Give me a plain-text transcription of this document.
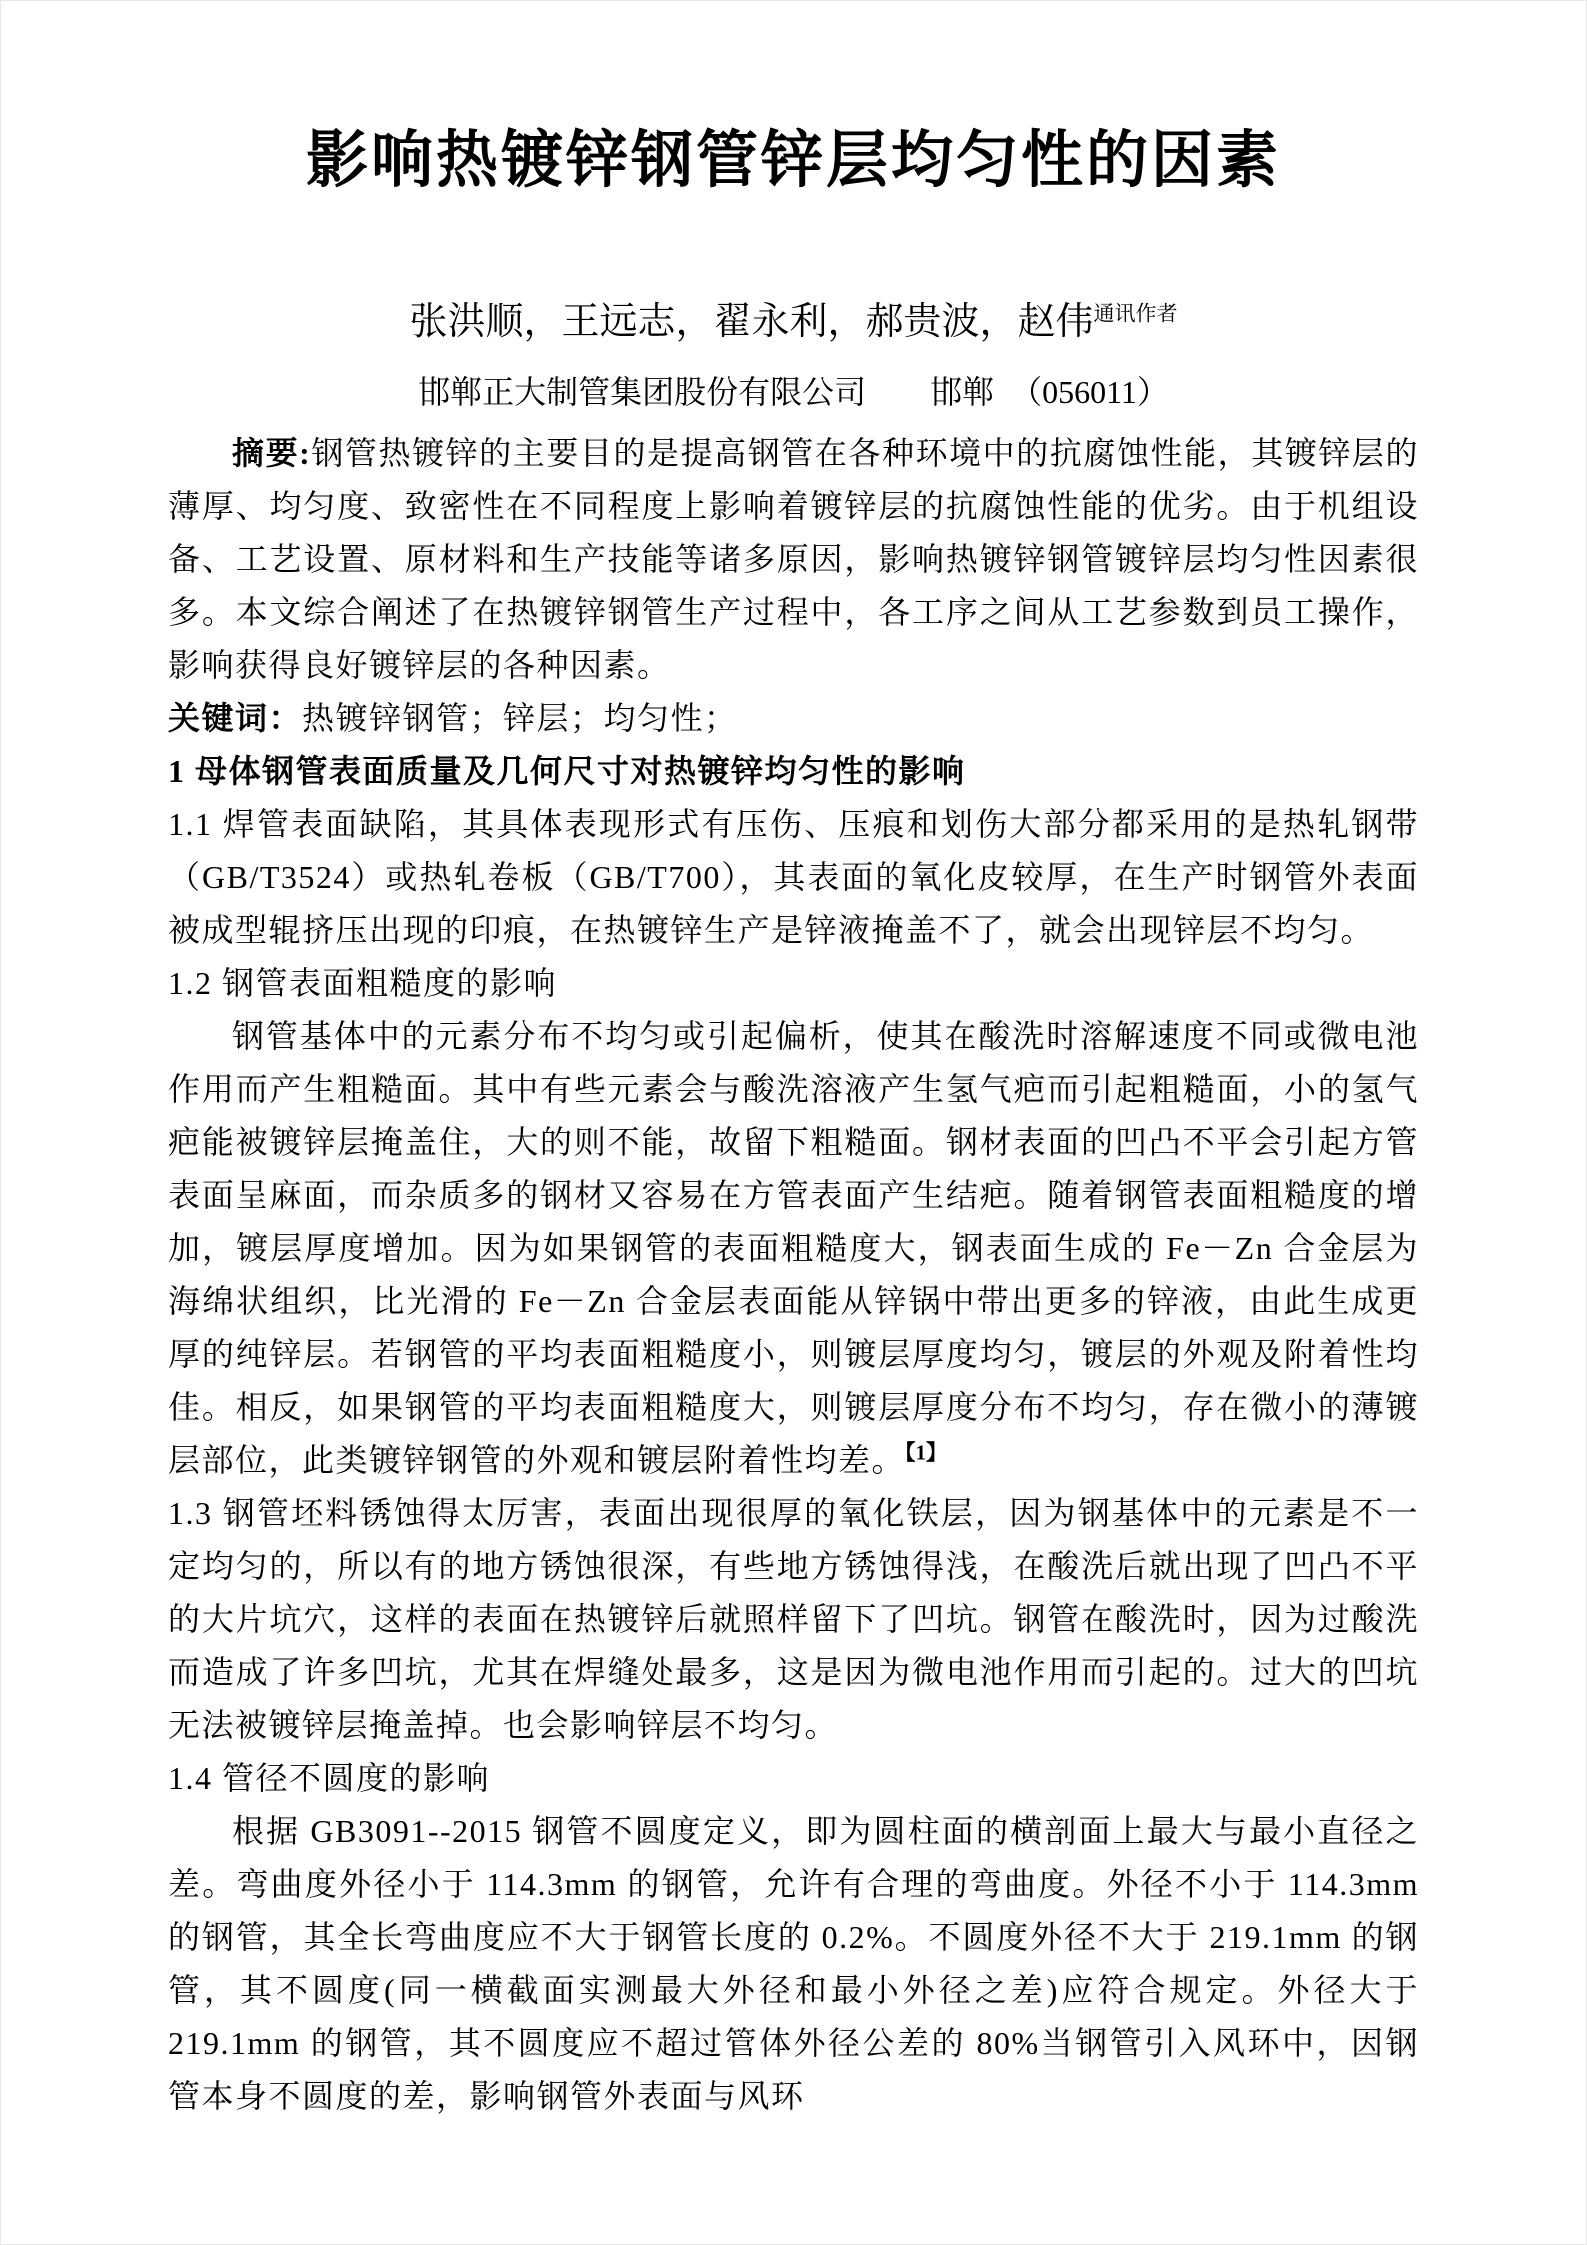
影响热镀锌钢管锌层均匀性的因素
张洪顺，王远志，翟永利，郝贵波，赵伟$^{通讯作者}$
邯郸正大制管集团股份有限公司　　邯郸　（056011）

摘要:钢管热镀锌的主要目的是提高钢管在各种环境中的抗腐蚀性能，其镀锌层的薄厚、均匀度、致密性在不同程度上影响着镀锌层的抗腐蚀性能的优劣。由于机组设备、工艺设置、原材料和生产技能等诸多原因，影响热镀锌钢管镀锌层均匀性因素很多。本文综合阐述了在热镀锌钢管生产过程中，各工序之间从工艺参数到员工操作，影响获得良好镀锌层的各种因素。

关键词：热镀锌钢管；锌层；均匀性；

1 母体钢管表面质量及几何尺寸对热镀锌均匀性的影响

1.1 焊管表面缺陷，其具体表现形式有压伤、压痕和划伤大部分都采用的是热轧钢带（GB/T3524）或热轧卷板（GB/T700），其表面的氧化皮较厚，在生产时钢管外表面被成型辊挤压出现的印痕，在热镀锌生产是锌液掩盖不了，就会出现锌层不均匀。

1.2 钢管表面粗糙度的影响

钢管基体中的元素分布不均匀或引起偏析，使其在酸洗时溶解速度不同或微电池作用而产生粗糙面。其中有些元素会与酸洗溶液产生氢气疤而引起粗糙面，小的氢气疤能被镀锌层掩盖住，大的则不能，故留下粗糙面。钢材表面的凹凸不平会引起方管表面呈麻面，而杂质多的钢材又容易在方管表面产生结疤。随着钢管表面粗糙度的增加，镀层厚度增加。因为如果钢管的表面粗糙度大，钢表面生成的 Fe－Zn 合金层为海绵状组织，比光滑的 Fe－Zn 合金层表面能从锌锅中带出更多的锌液，由此生成更厚的纯锌层。若钢管的平均表面粗糙度小，则镀层厚度均匀，镀层的外观及附着性均佳。相反，如果钢管的平均表面粗糙度大，则镀层厚度分布不均匀，存在微小的薄镀层部位，此类镀锌钢管的外观和镀层附着性均差。$^{【1】}$

1.3 钢管坯料锈蚀得太厉害，表面出现很厚的氧化铁层，因为钢基体中的元素是不一定均匀的，所以有的地方锈蚀很深，有些地方锈蚀得浅，在酸洗后就出现了凹凸不平的大片坑穴，这样的表面在热镀锌后就照样留下了凹坑。钢管在酸洗时，因为过酸洗而造成了许多凹坑，尤其在焊缝处最多，这是因为微电池作用而引起的。过大的凹坑无法被镀锌层掩盖掉。也会影响锌层不均匀。

1.4 管径不圆度的影响

根据 GB3091--2015 钢管不圆度定义，即为圆柱面的横剖面上最大与最小直径之差。弯曲度外径小于 114.3mm 的钢管，允许有合理的弯曲度。外径不小于 114.3mm 的钢管，其全长弯曲度应不大于钢管长度的 0.2%。不圆度外径不大于 219.1mm 的钢管，其不圆度(同一横截面实测最大外径和最小外径之差)应符合规定。外径大于 219.1mm 的钢管，其不圆度应不超过管体外径公差的 80%当钢管引入风环中，因钢管本身不圆度的差，影响钢管外表面与风环
